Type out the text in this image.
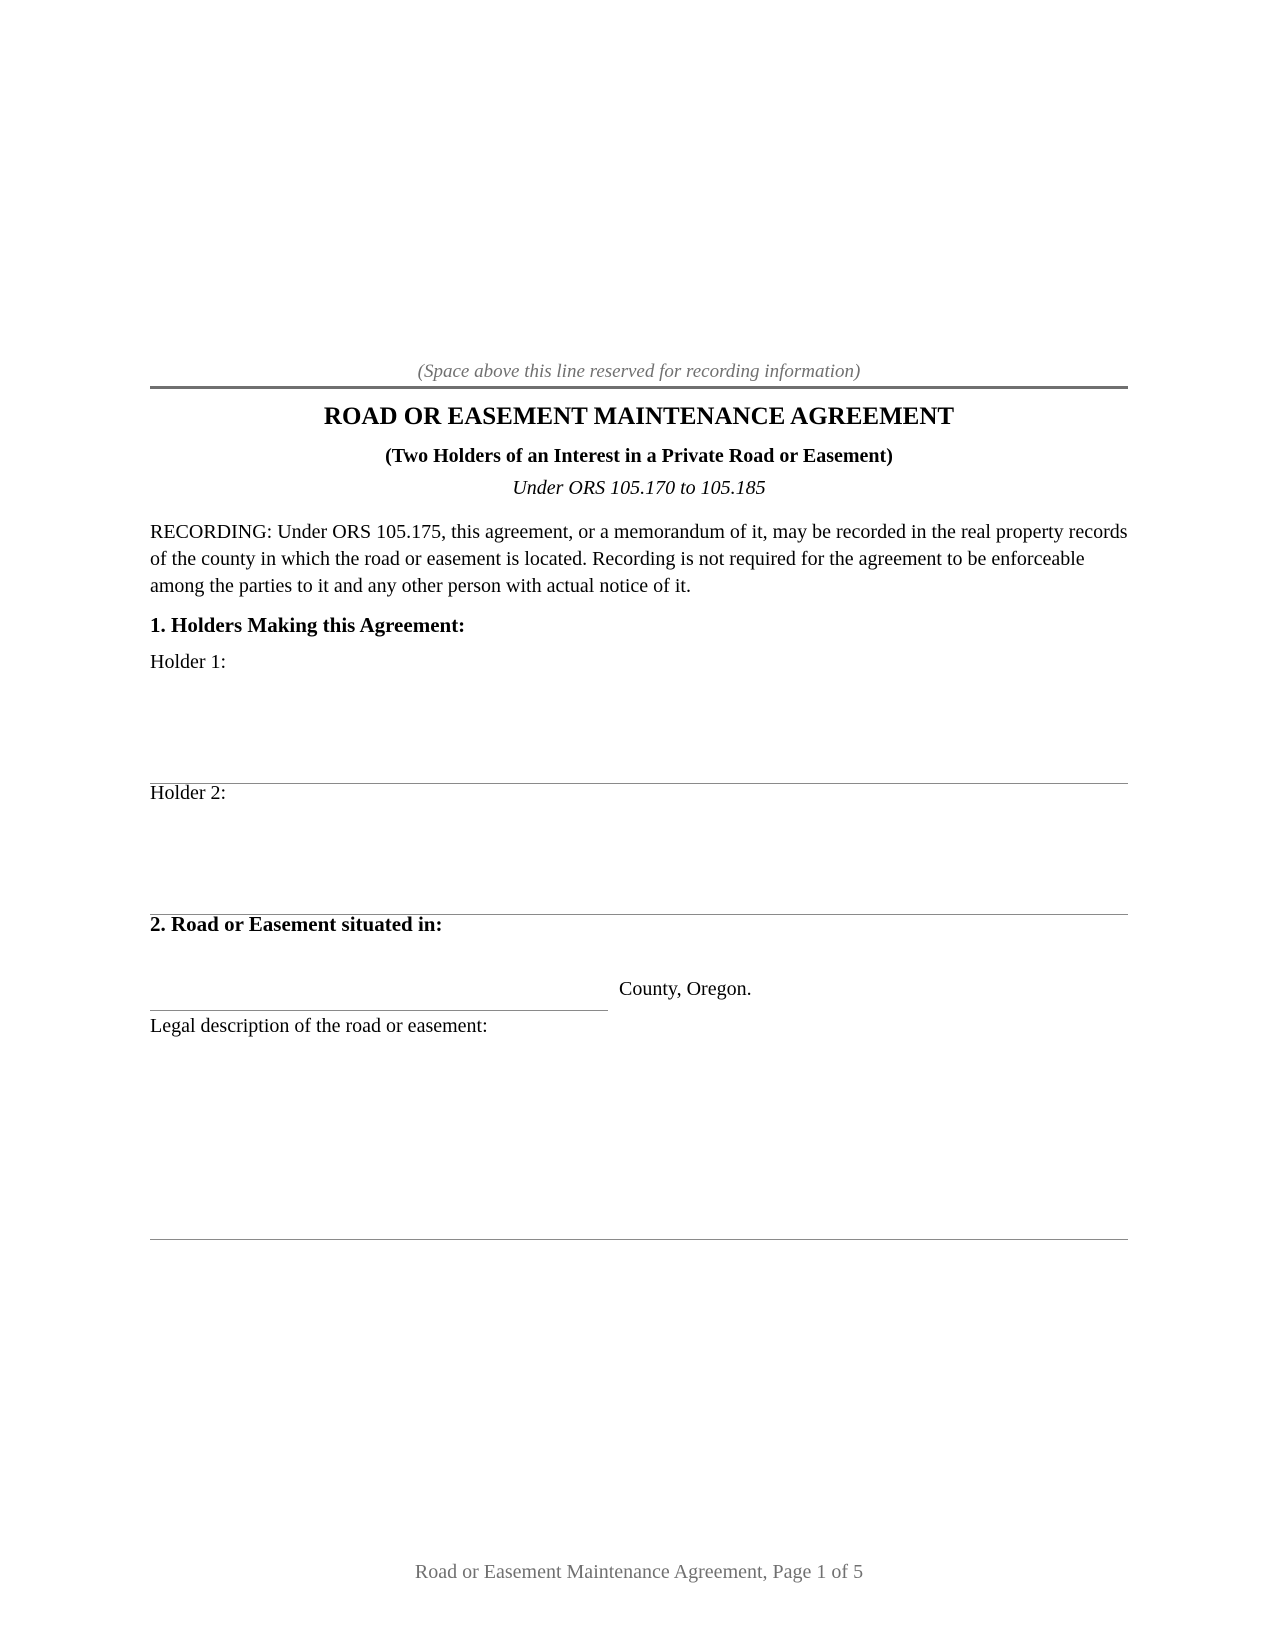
(Space above this line reserved for recording information)
ROAD OR EASEMENT MAINTENANCE AGREEMENT
(Two Holders of an Interest in a Private Road or Easement)
Under ORS 105.170 to 105.185
RECORDING: Under ORS 105.175, this agreement, or a memorandum of it, may be recorded in the real property records of the county in which the road or easement is located. Recording is not required for the agreement to be enforceable among the parties to it and any other person with actual notice of it.
1. Holders Making this Agreement:
Holder 1:
Holder 2:
2. Road or Easement situated in:
County, Oregon.
Legal description of the road or easement:
Road or Easement Maintenance Agreement, Page 1 of 5
